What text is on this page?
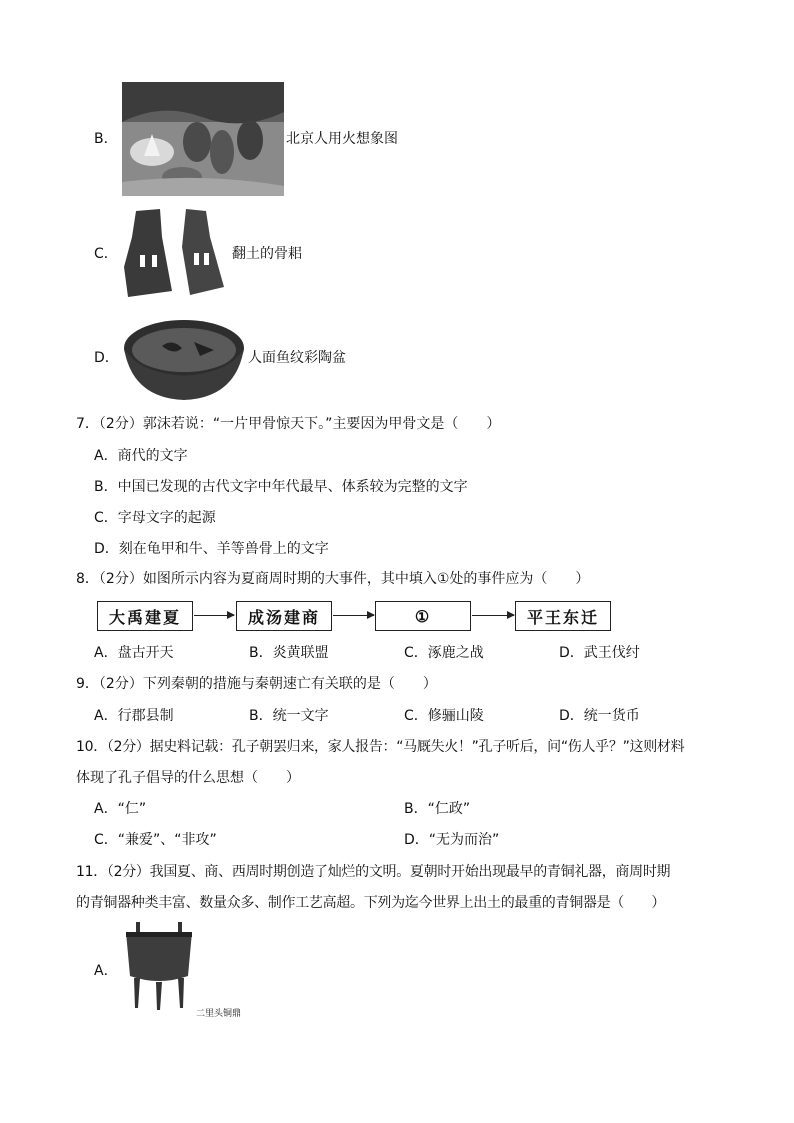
B．	北京人用火想象图
C．	翻土的骨耜
D．	人面鱼纹彩陶盆
7．（2分）郭沫若说：“一片甲骨惊天下。”主要因为甲骨文是（　　）
A．商代的文字
B．中国已发现的古代文字中年代最早、体系较为完整的文字
C．字母文字的起源
D．刻在龟甲和牛、羊等兽骨上的文字
8．（2分）如图所示内容为夏商周时期的大事件，其中填入①处的事件应为（　　）
大禹建夏	成汤建商	①	平王东迁
A．盘古开天	B．炎黄联盟	C．涿鹿之战	D．武王伐纣
9．（2分）下列秦朝的措施与秦朝速亡有关联的是（　　）
A．行郡县制	B．统一文字	C．修骊山陵	D．统一货币
10．（2分）据史料记载：孔子朝罢归来，家人报告：“马厩失火！”孔子听后，问“伤人乎？”这则材料
体现了孔子倡导的什么思想（　　）
A．“仁”	B．“仁政”
C．“兼爱”、“非攻”	D．“无为而治”
11．（2分）我国夏、商、西周时期创造了灿烂的文明。夏朝时开始出现最早的青铜礼器，商周时期
的青铜器种类丰富、数量众多、制作工艺高超。下列为迄今世界上出土的最重的青铜器是（　　）
A．
二里头铜鼎
